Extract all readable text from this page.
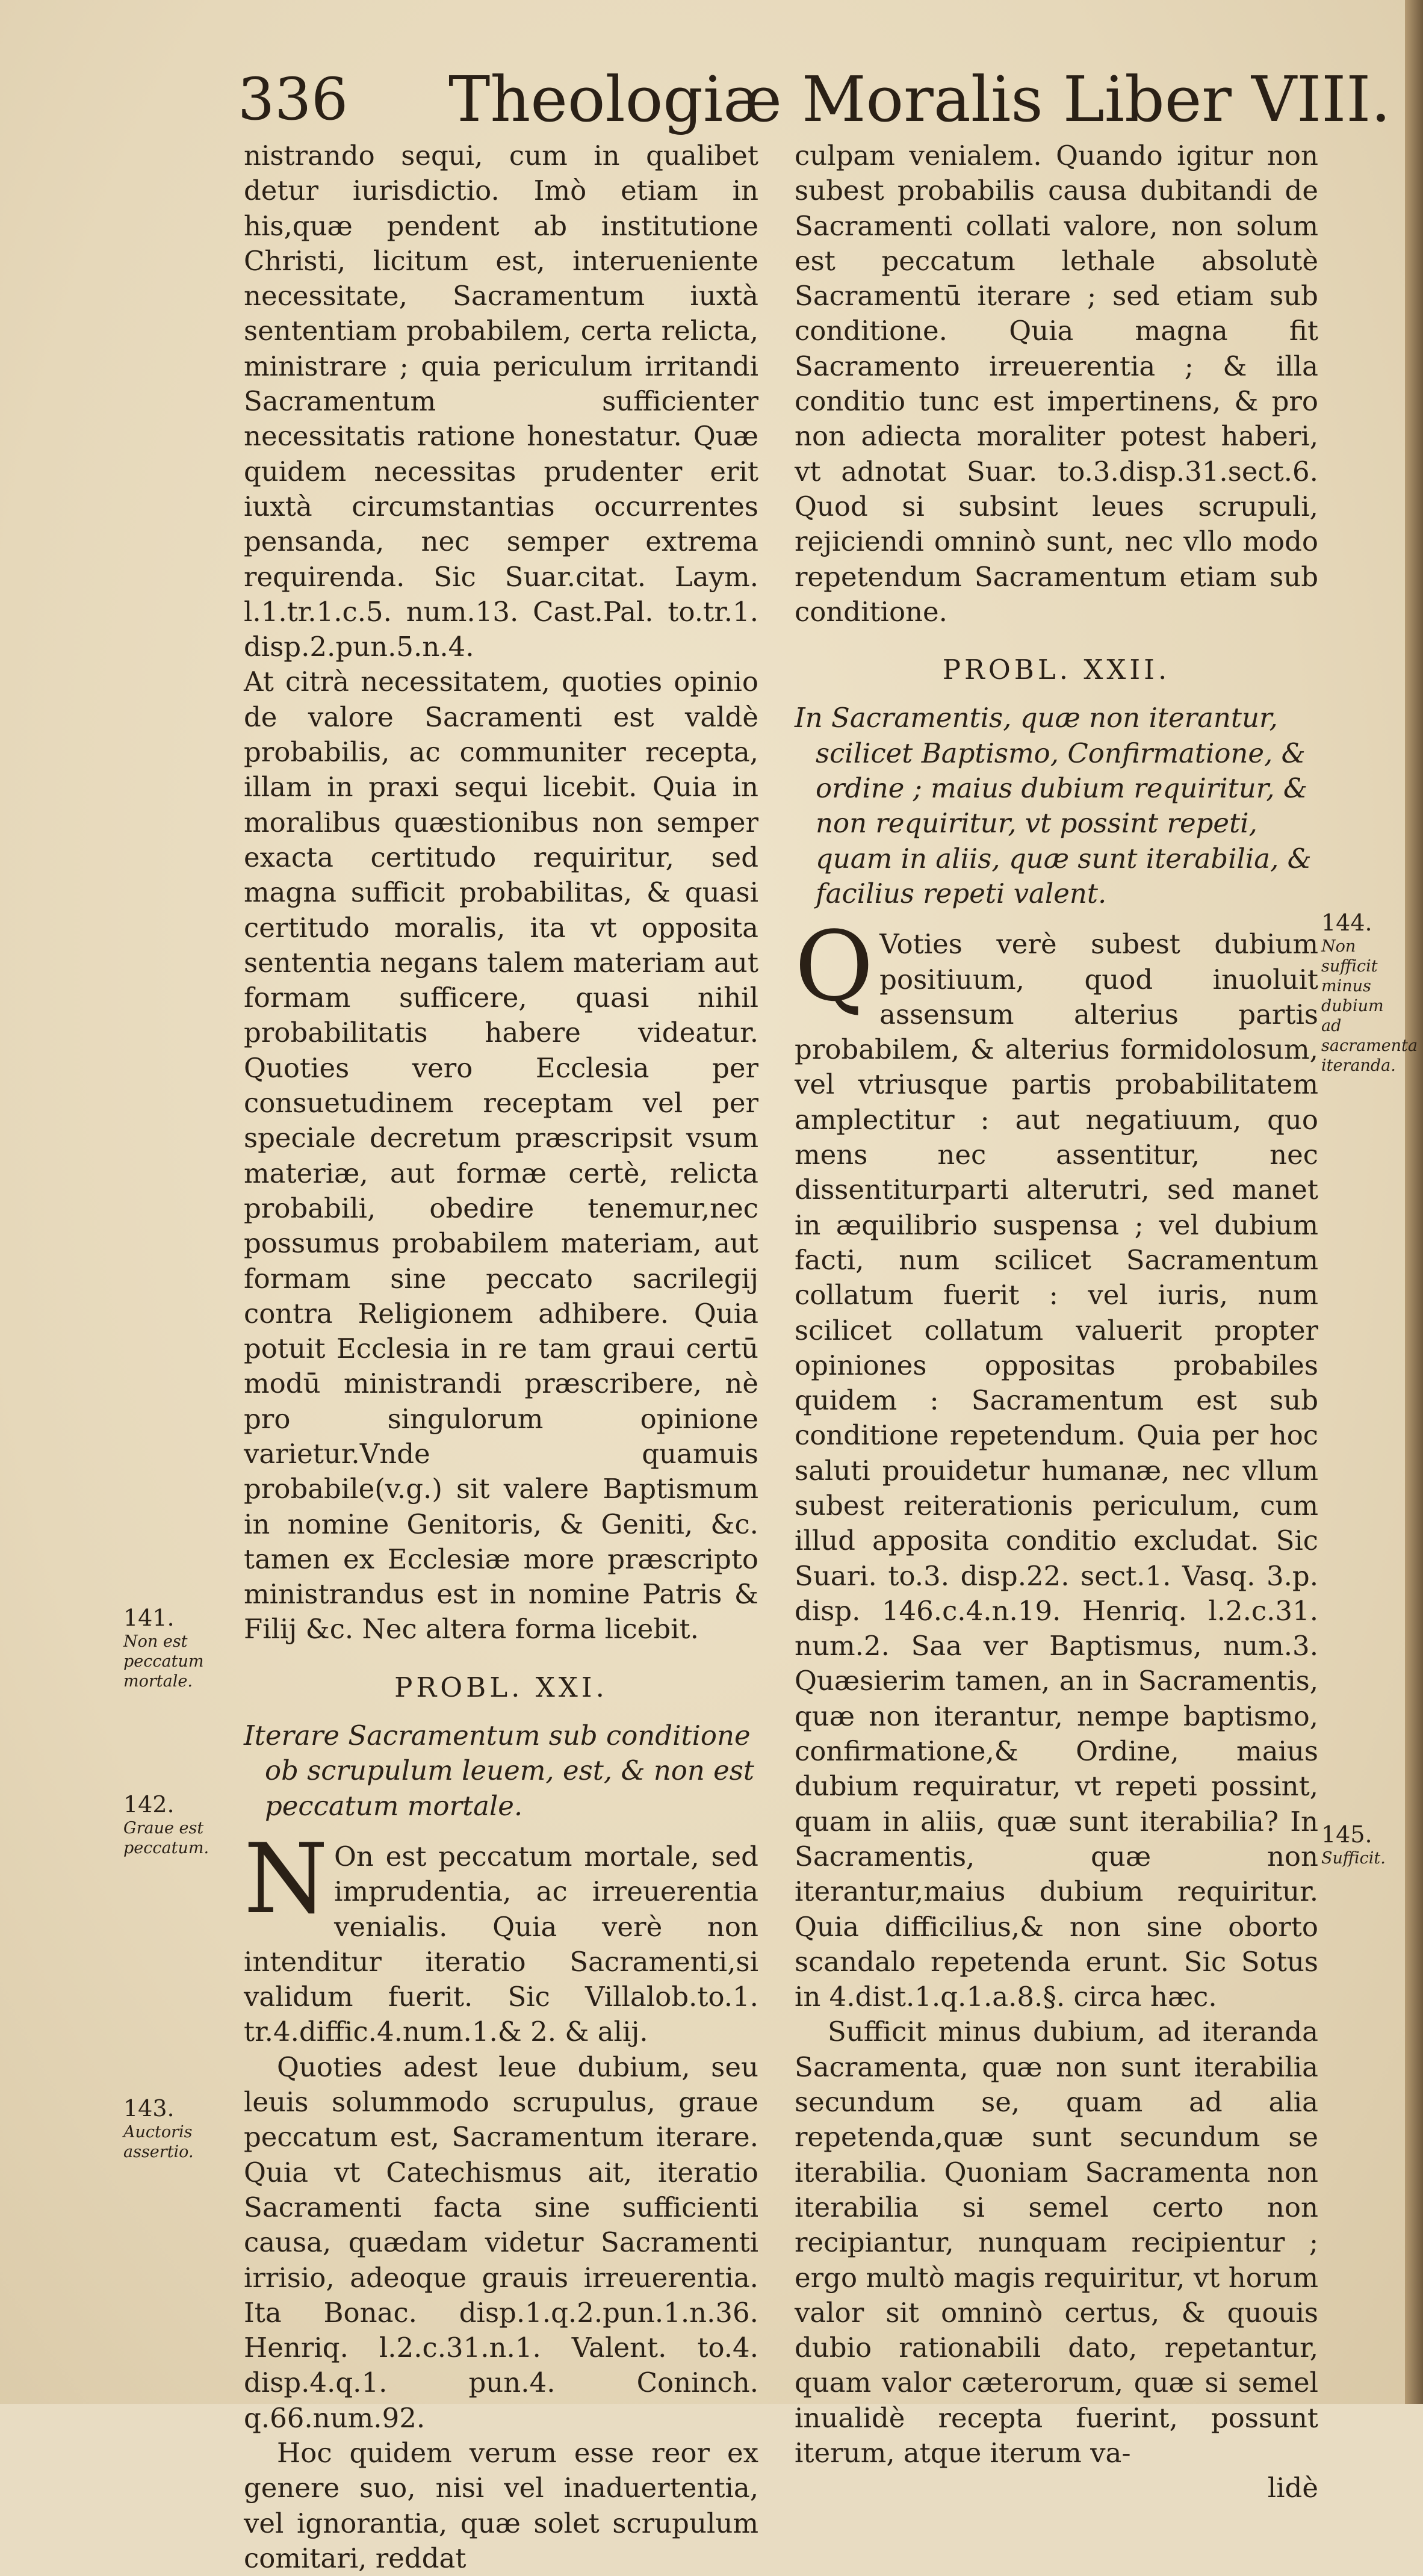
336 Theologiæ Moralis Liber VIII.

nistrando sequi, cum in qualibet detur iurisdictio. Imò etiam in his,quæ pendent ab institutione Christi, licitum est, interueniente necessitate, Sacramentum iuxtà sententiam probabilem, certa relicta, ministrare ; quia periculum irritandi Sacramentum sufficienter necessitatis ratione honestatur. Quæ quidem necessitas prudenter erit iuxtà circumstantias occurrentes pensanda, nec semper extrema requirenda. Sic Suar.citat. Laym. l.1.tr.1.c.5. num.13. Cast.Pal. to.tr.1. disp.2.pun.5.n.4.

At citrà necessitatem, quoties opinio de valore Sacramenti est valdè probabilis, ac communiter recepta, illam in praxi sequi licebit. Quia in moralibus quæstionibus non semper exacta certitudo requiritur, sed magna sufficit probabilitas, & quasi certitudo moralis, ita vt opposita sententia negans talem materiam aut formam sufficere, quasi nihil probabilitatis habere videatur. Quoties vero Ecclesia per consuetudinem receptam vel per speciale decretum præscripsit vsum materiæ, aut formæ certè, relicta probabili, obedire tenemur,nec possumus probabilem materiam, aut formam sine peccato sacrilegij contra Religionem adhibere. Quia potuit Ecclesia in re tam graui certū modū ministrandi præscribere, nè pro singulorum opinione varietur.Vnde quamuis probabile(v.g.) sit valere Baptismum in nomine Genitoris, & Geniti, &c. tamen ex Ecclesiæ more præscripto ministrandus est in nomine Patris & Filij &c. Nec altera forma licebit.

PROBL. XXI.

Iterare Sacramentum sub conditione ob scrupulum leuem, est, & non est peccatum mortale.

N On est peccatum mortale, sed imprudentia, ac irreuerentia venialis. Quia verè non intenditur iteratio Sacramenti,si validum fuerit. Sic Villalob.to.1. tr.4.diffic.4.num.1.& 2. & alij.

Quoties adest leue dubium, seu leuis solummodo scrupulus, graue peccatum est, Sacramentum iterare. Quia vt Catechismus ait, iteratio Sacramenti facta sine sufficienti causa, quædam videtur Sacramenti irrisio, adeoque grauis irreuerentia. Ita Bonac. disp.1.q.2.pun.1.n.36. Henriq. l.2.c.31.n.1. Valent. to.4. disp.4.q.1. pun.4. Coninch. q.66.num.92.

Hoc quidem verum esse reor ex genere suo, nisi vel inaduertentia, vel ignorantia, quæ solet scrupulum comitari, reddat

culpam venialem. Quando igitur non subest probabilis causa dubitandi de Sacramenti collati valore, non solum est peccatum lethale absolutè Sacramentū iterare ; sed etiam sub conditione. Quia magna fit Sacramento irreuerentia ; & illa conditio tunc est impertinens, & pro non adiecta moraliter potest haberi, vt adnotat Suar. to.3.disp.31.sect.6. Quod si subsint leues scrupuli, rejiciendi omninò sunt, nec vllo modo repetendum Sacramentum etiam sub conditione.

PROBL. XXII.

In Sacramentis, quæ non iterantur, scilicet Baptismo, Confirmatione, & ordine ; maius dubium requiritur, & non requiritur, vt possint repeti, quam in aliis, quæ sunt iterabilia, & facilius repeti valent.

Q Voties verè subest dubium positiuum, quod inuoluit assensum alterius partis probabilem, & alterius formidolosum, vel vtriusque partis probabilitatem amplectitur : aut negatiuum, quo mens nec assentitur, nec dissentiturparti alterutri, sed manet in æquilibrio suspensa ; vel dubium facti, num scilicet Sacramentum collatum fuerit : vel iuris, num scilicet collatum valuerit propter opiniones oppositas probabiles quidem : Sacramentum est sub conditione repetendum. Quia per hoc saluti prouidetur humanæ, nec vllum subest reiterationis periculum, cum illud apposita conditio excludat. Sic Suari. to.3. disp.22. sect.1. Vasq. 3.p. disp. 146.c.4.n.19. Henriq. l.2.c.31. num.2. Saa ver Baptismus, num.3. Quæsierim tamen, an in Sacramentis, quæ non iterantur, nempe baptismo, confirmatione,& Ordine, maius dubium requiratur, vt repeti possint, quam in aliis, quæ sunt iterabilia? In Sacramentis, quæ non iterantur,maius dubium requiritur. Quia difficilius,& non sine oborto scandalo repetenda erunt. Sic Sotus in 4.dist.1.q.1.a.8.§. circa hæc.

Sufficit minus dubium, ad iteranda Sacramenta, quæ non sunt iterabilia secundum se, quam ad alia repetenda,quæ sunt secundum se iterabilia. Quoniam Sacramenta non iterabilia si semel certo non recipiantur, nunquam recipientur ; ergo multò magis requiritur, vt horum valor sit omninò certus, & quouis dubio rationabili dato, repetantur, quam valor cæterorum, quæ si semel inualidè recepta fuerint, possunt iterum, atque iterum va-

lidè

141.
Non est peccatum mortale.
142.
Graue est peccatum.
143.
Auctoris assertio.
144.
Non sufficit minus dubium ad sacramenta iteranda.
145.
Sufficit.
